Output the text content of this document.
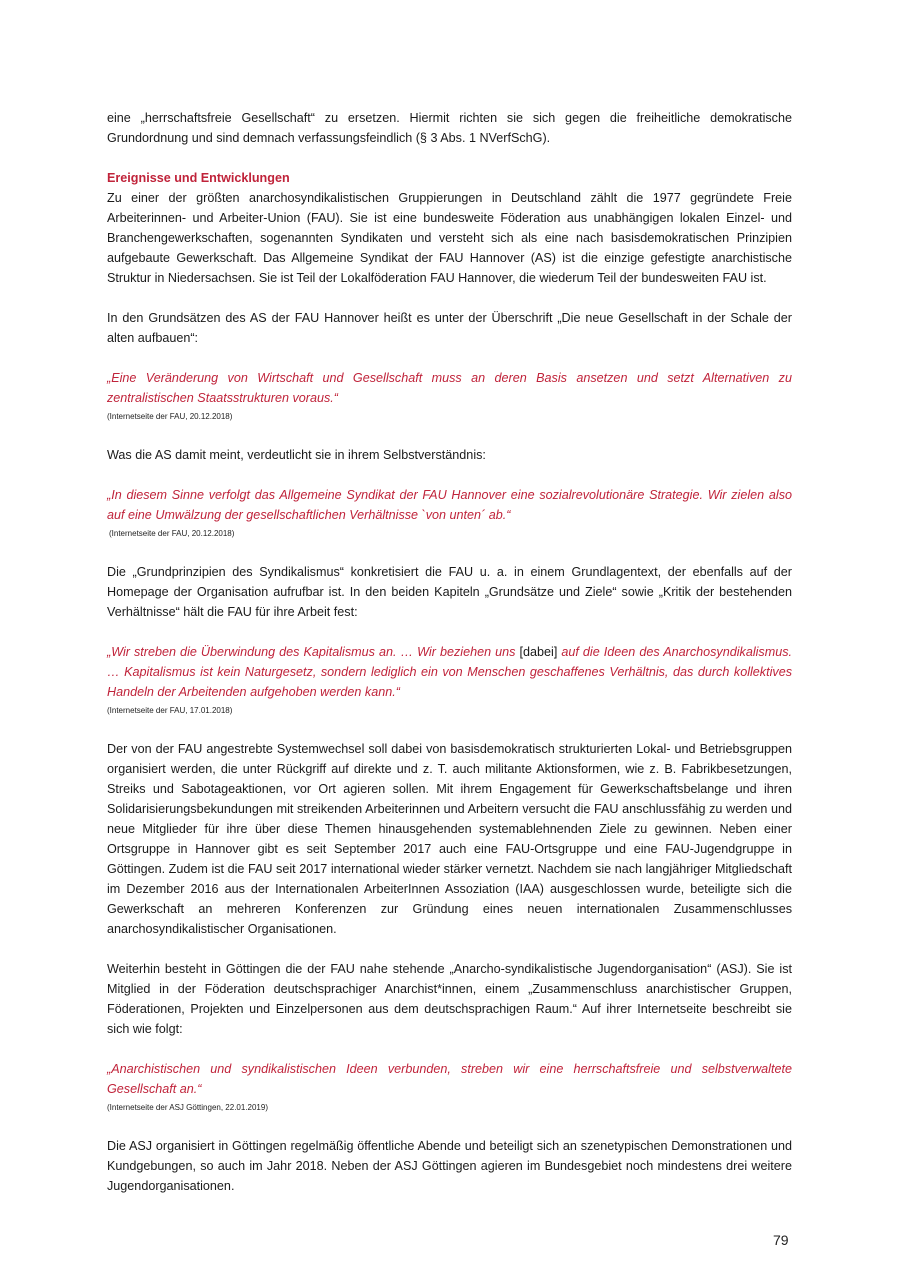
eine „herrschaftsfreie Gesellschaft“ zu ersetzen. Hiermit richten sie sich gegen die freiheitliche demokratische Grundordnung und sind demnach verfassungsfeindlich (§ 3 Abs. 1 NVerfSchG).

Ereignisse und Entwicklungen

Zu einer der größten anarchosyndikalistischen Gruppierungen in Deutschland zählt die 1977 gegründete Freie Arbeiterinnen- und Arbeiter-Union (FAU). Sie ist eine bundesweite Föderation aus unabhängigen lokalen Einzel- und Branchengewerkschaften, sogenannten Syndikaten und versteht sich als eine nach basisdemokratischen Prinzipien aufgebaute Gewerkschaft. Das Allgemeine Syndikat der FAU Hannover (AS) ist die einzige gefestigte anarchistische Struktur in Niedersachsen. Sie ist Teil der Lokalföderation FAU Hannover, die wiederum Teil der bundesweiten FAU ist.

In den Grundsätzen des AS der FAU Hannover heißt es unter der Überschrift „Die neue Gesellschaft in der Schale der alten aufbauen“:

„Eine Veränderung von Wirtschaft und Gesellschaft muss an deren Basis ansetzen und setzt Alternativen zu zentralistischen Staatsstrukturen voraus.“

(Internetseite der FAU, 20.12.2018)

Was die AS damit meint, verdeutlicht sie in ihrem Selbstverständnis:

„In diesem Sinne verfolgt das Allgemeine Syndikat der FAU Hannover eine sozialrevolutionäre Strategie. Wir zielen also auf eine Umwälzung der gesellschaftlichen Verhältnisse `von unten´ ab.“

(Internetseite der FAU, 20.12.2018)

Die „Grundprinzipien des Syndikalismus“ konkretisiert die FAU u. a. in einem Grundlagentext, der ebenfalls auf der Homepage der Organisation aufrufbar ist. In den beiden Kapiteln „Grundsätze und Ziele“ sowie „Kritik der bestehenden Verhältnisse“ hält die FAU für ihre Arbeit fest:

„Wir streben die Überwindung des Kapitalismus an. … Wir beziehen uns [dabei] auf die Ideen des Anarchosyndikalismus. … Kapitalismus ist kein Naturgesetz, sondern lediglich ein von Menschen geschaffenes Verhältnis, das durch kollektives Handeln der Arbeitenden aufgehoben werden kann.“

(Internetseite der FAU, 17.01.2018)

Der von der FAU angestrebte Systemwechsel soll dabei von basisdemokratisch strukturierten Lokal- und Betriebsgruppen organisiert werden, die unter Rückgriff auf direkte und z. T. auch militante Aktionsformen, wie z. B. Fabrikbesetzungen, Streiks und Sabotageaktionen, vor Ort agieren sollen. Mit ihrem Engagement für Gewerkschaftsbelange und ihren Solidarisierungsbekundungen mit streikenden Arbeiterinnen und Arbeitern versucht die FAU anschlussfähig zu werden und neue Mitglieder für ihre über diese Themen hinausgehenden systemablehnenden Ziele zu gewinnen. Neben einer Ortsgruppe in Hannover gibt es seit September 2017 auch eine FAU-Ortsgruppe und eine FAU-Jugendgruppe in Göttingen. Zudem ist die FAU seit 2017 international wieder stärker vernetzt. Nachdem sie nach langjähriger Mitgliedschaft im Dezember 2016 aus der Internationalen ArbeiterInnen Assoziation (IAA) ausgeschlossen wurde, beteiligte sich die Gewerkschaft an mehreren Konferenzen zur Gründung eines neuen internationalen Zusammenschlusses anarchosyndikalistischer Organisationen.

Weiterhin besteht in Göttingen die der FAU nahe stehende „Anarcho-syndikalistische Jugendorganisation“ (ASJ). Sie ist Mitglied in der Föderation deutschsprachiger Anarchist*innen, einem „Zusammenschluss anarchistischer Gruppen, Föderationen, Projekten und Einzelpersonen aus dem deutschsprachigen Raum.“ Auf ihrer Internetseite beschreibt sie sich wie folgt:

„Anarchistischen und syndikalistischen Ideen verbunden, streben wir eine herrschaftsfreie und selbstverwaltete Gesellschaft an.“

(Internetseite der ASJ Göttingen, 22.01.2019)

Die ASJ organisiert in Göttingen regelmäßig öffentliche Abende und beteiligt sich an szenetypischen Demonstrationen und Kundgebungen, so auch im Jahr 2018. Neben der ASJ Göttingen agieren im Bundesgebiet noch mindestens drei weitere Jugendorganisationen.

79
